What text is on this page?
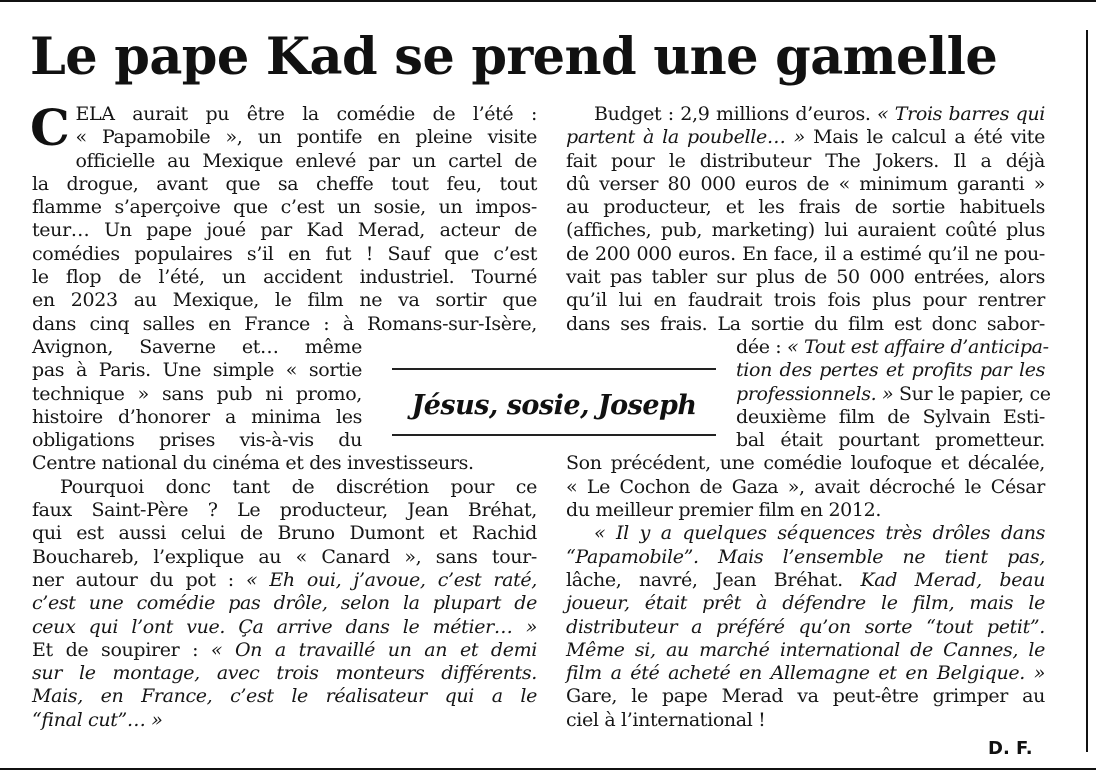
Le pape Kad se prend une gamelle

C ELA aurait pu être la comédie de l’été :
« Papamobile », un pontife en pleine visite
officielle au Mexique enlevé par un cartel de
la drogue, avant que sa cheffe tout feu, tout
flamme s’aperçoive que c’est un sosie, un impos-
teur… Un pape joué par Kad Merad, acteur de
comédies populaires s’il en fut ! Sauf que c’est
le flop de l’été, un accident industriel. Tourné
en 2023 au Mexique, le film ne va sortir que
dans cinq salles en France : à Romans-sur-Isère,
Avignon, Saverne et… même
pas à Paris. Une simple « sortie
technique » sans pub ni promo,
histoire d’honorer a minima les
obligations prises vis-à-vis du
Centre national du cinéma et des investisseurs.

Pourquoi donc tant de discrétion pour ce
faux Saint-Père ? Le producteur, Jean Bréhat,
qui est aussi celui de Bruno Dumont et Rachid
Bouchareb, l’explique au « Canard », sans tour-
ner autour du pot : « Eh oui, j’avoue, c’est raté,
c’est une comédie pas drôle, selon la plupart de
ceux qui l’ont vue. Ça arrive dans le métier… »
Et de soupirer : « On a travaillé un an et demi
sur le montage, avec trois monteurs différents.
Mais, en France, c’est le réalisateur qui a le
“final cut”… »

Jésus, sosie, Joseph

Budget : 2,9 millions d’euros. « Trois barres qui
partent à la poubelle… » Mais le calcul a été vite
fait pour le distributeur The Jokers. Il a déjà
dû verser 80 000 euros de « minimum garanti »
au producteur, et les frais de sortie habituels
(affiches, pub, marketing) lui auraient coûté plus
de 200 000 euros. En face, il a estimé qu’il ne pou-
vait pas tabler sur plus de 50 000 entrées, alors
qu’il lui en faudrait trois fois plus pour rentrer
dans ses frais. La sortie du film est donc sabor-
dée : « Tout est affaire d’anticipa-
tion des pertes et profits par les
professionnels. » Sur le papier, ce
deuxième film de Sylvain Esti-
bal était pourtant prometteur.
Son précédent, une comédie loufoque et décalée,
« Le Cochon de Gaza », avait décroché le César
du meilleur premier film en 2012.

« Il y a quelques séquences très drôles dans
“Papamobile”. Mais l’ensemble ne tient pas,
lâche, navré, Jean Bréhat. Kad Merad, beau
joueur, était prêt à défendre le film, mais le
distributeur a préféré qu’on sorte “tout petit”.
Même si, au marché international de Cannes, le
film a été acheté en Allemagne et en Belgique. »

Gare, le pape Merad va peut-être grimper au
ciel à l’international !

D. F.
